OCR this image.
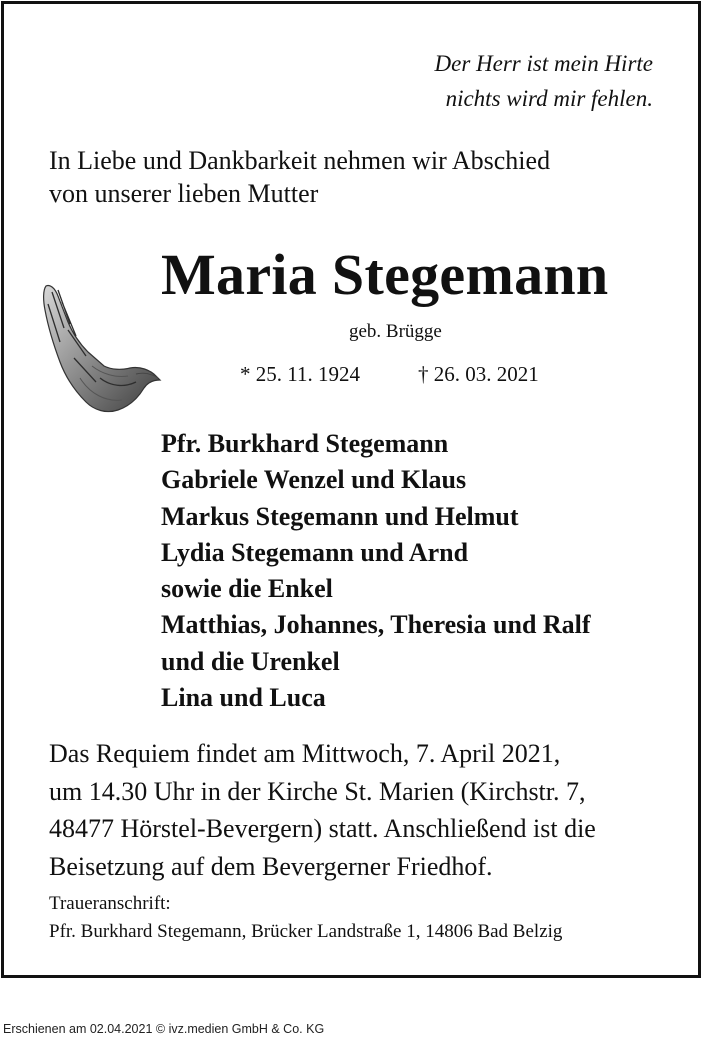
Der Herr ist mein Hirte
nichts wird mir fehlen.
In Liebe und Dankbarkeit nehmen wir Abschied
von unserer lieben Mutter
Maria Stegemann
geb. Brügge
* 25. 11. 1924	† 26. 03. 2021
Pfr. Burkhard Stegemann
Gabriele Wenzel und Klaus
Markus Stegemann und Helmut
Lydia Stegemann und Arnd
sowie die Enkel
Matthias, Johannes, Theresia und Ralf
und die Urenkel
Lina und Luca
Das Requiem findet am Mittwoch, 7. April 2021,
um 14.30 Uhr in der Kirche St. Marien (Kirchstr. 7,
48477 Hörstel-Bevergern) statt. Anschließend ist die
Beisetzung auf dem Bevergerner Friedhof.
Traueranschrift:
Pfr. Burkhard Stegemann, Brücker Landstraße 1, 14806 Bad Belzig
Erschienen am 02.04.2021 © ivz.medien GmbH & Co. KG
